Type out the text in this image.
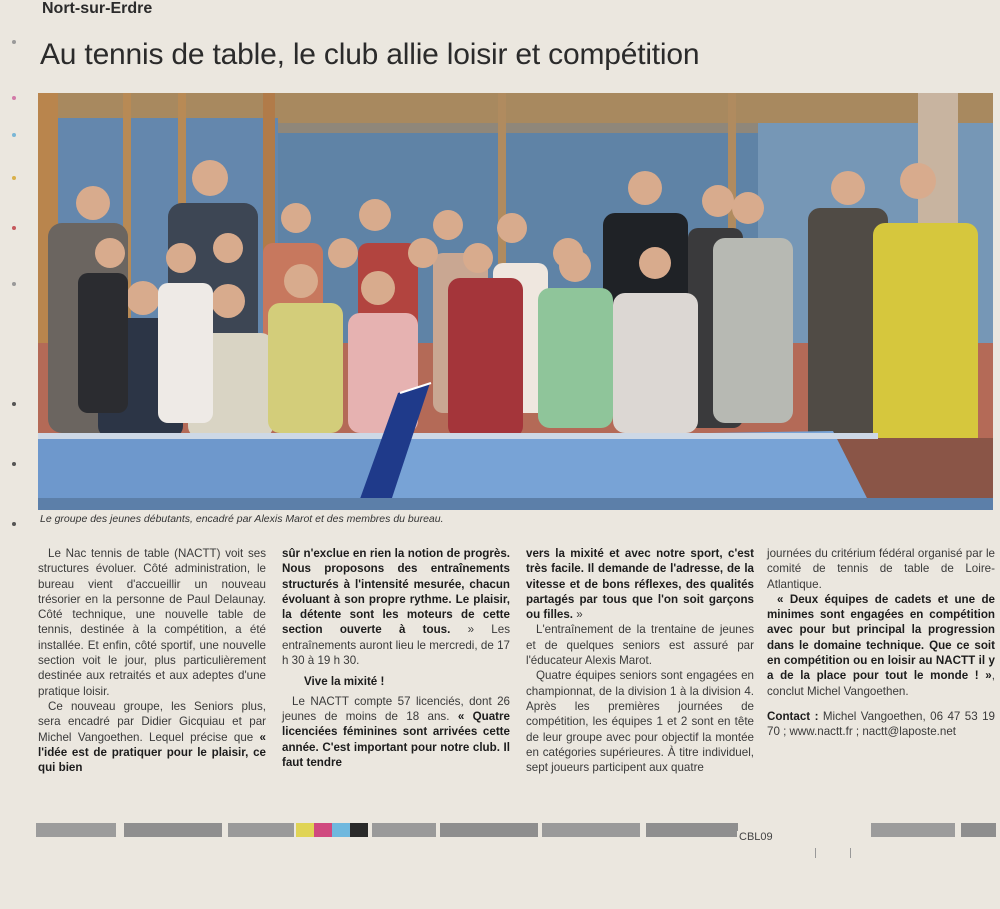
Nort-sur-Erdre
Au tennis de table, le club allie loisir et compétition
Le groupe des jeunes débutants, encadré par Alexis Marot et des membres du bureau.

Le Nac tennis de table (NACTT) voit ses structures évoluer. Côté administration, le bureau vient d'accueillir un nouveau trésorier en la personne de Paul Delaunay. Côté technique, une nouvelle table de tennis, destinée à la compétition, a été installée. Et enfin, côté sportif, une nouvelle section voit le jour, plus particulièrement destinée aux retraités et aux adeptes d'une pratique loisir.

Ce nouveau groupe, les Seniors plus, sera encadré par Didier Gicquiau et par Michel Vangoethen. Lequel précise que « l'idée est de pratiquer pour le plaisir, ce qui bien

sûr n'exclue en rien la notion de progrès. Nous proposons des entraînements structurés à l'intensité mesurée, chacun évoluant à son propre rythme. Le plaisir, la détente sont les moteurs de cette section ouverte à tous. » Les entraînements auront lieu le mercredi, de 17 h 30 à 19 h 30.

Vive la mixité !

Le NACTT compte 57 licenciés, dont 26 jeunes de moins de 18 ans. « Quatre licenciées féminines sont arrivées cette année. C'est important pour notre club. Il faut tendre

vers la mixité et avec notre sport, c'est très facile. Il demande de l'adresse, de la vitesse et de bons réflexes, des qualités partagés par tous que l'on soit garçons ou filles. »

L'entraînement de la trentaine de jeunes et de quelques seniors est assuré par l'éducateur Alexis Marot.

Quatre équipes seniors sont engagées en championnat, de la division 1 à la division 4. Après les premières journées de compétition, les équipes 1 et 2 sont en tête de leur groupe avec pour objectif la montée en catégories supérieures. À titre individuel, sept joueurs participent aux quatre

journées du critérium fédéral organisé par le comité de tennis de table de Loire-Atlantique.

« Deux équipes de cadets et une de minimes sont engagées en compétition avec pour but principal la progression dans le domaine technique. Que ce soit en compétition ou en loisir au NACTT il y a de la place pour tout le monde ! », conclut Michel Vangoethen.

Contact : Michel Vangoethen, 06 47 53 19 70 ; www.nactt.fr ; nactt@laposte.net

CBL09
